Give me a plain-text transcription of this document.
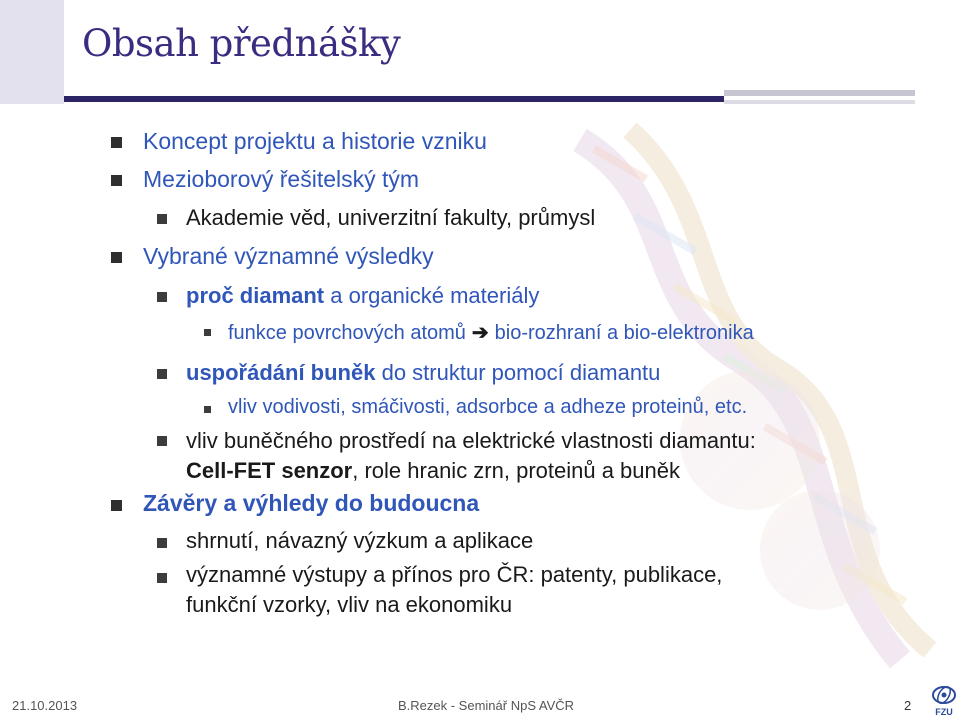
Obsah přednášky
Koncept projektu a historie vzniku
Mezioborový řešitelský tým
Akademie věd, univerzitní fakulty, průmysl
Vybrané významné výsledky
proč diamant a organické materiály
funkce povrchových atomů ➔ bio-rozhraní a bio-elektronika
uspořádání buněk do struktur pomocí diamantu
vliv vodivosti, smáčivosti, adsorbce a adheze proteinů, etc.
vliv buněčného prostředí na elektrické vlastnosti diamantu:
Cell-FET senzor, role hranic zrn, proteinů a buněk
Závěry a výhledy do budoucna
shrnutí, návazný výzkum a aplikace
významné výstupy a přínos pro ČR: patenty, publikace,
funkční vzorky, vliv na ekonomiku
21.10.2013	B.Rezek - Seminář NpS AVČR	2	FZU
